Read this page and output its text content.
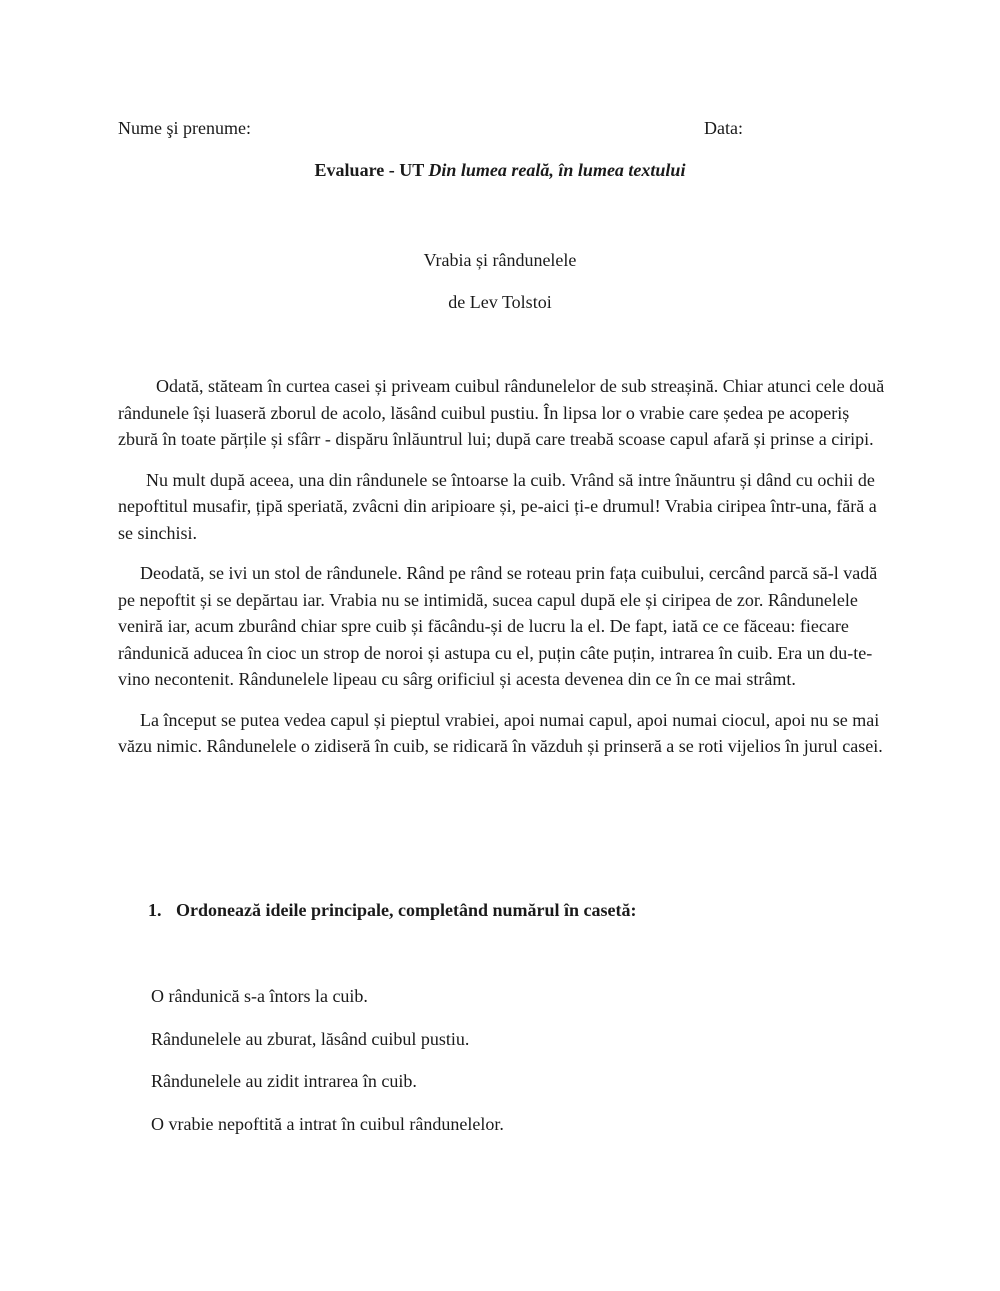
Nume şi prenume:	Data:
Evaluare - UT Din lumea reală, în lumea textului
Vrabia și rândunelele
de Lev Tolstoi

Odată, stăteam în curtea casei și priveam cuibul rândunelelor de sub streașină. Chiar atunci cele două rândunele își luaseră zborul de acolo, lăsând cuibul pustiu. În lipsa lor o vrabie care ședea pe acoperiș zbură în toate părțile și sfârr - dispăru înlăuntrul lui; după care treabă scoase capul afară și prinse a ciripi.

Nu mult după aceea, una din rândunele se întoarse la cuib. Vrând să intre înăuntru și dând cu ochii de nepoftitul musafir, țipă speriată, zvâcni din aripioare și, pe-aici ți-e drumul! Vrabia ciripea într-una, fără a se sinchisi.

Deodată, se ivi un stol de rândunele. Rând pe rând se roteau prin fața cuibului, cercând parcă să-l vadă pe nepoftit și se depărtau iar. Vrabia nu se intimidă, sucea capul după ele și ciripea de zor. Rândunelele veniră iar, acum zburând chiar spre cuib și făcându-și de lucru la el. De fapt, iată ce ce făceau: fiecare rândunică aducea în cioc un strop de noroi și astupa cu el, puțin câte puțin, intrarea în cuib. Era un du-te-vino necontenit. Rândunelele lipeau cu sârg orificiul și acesta devenea din ce în ce mai strâmt.

La început se putea vedea capul și pieptul vrabiei, apoi numai capul, apoi numai ciocul, apoi nu se mai văzu nimic. Rândunelele o zidiseră în cuib, se ridicară în văzduh și prinseră a se roti vijelios în jurul casei.

1. Ordonează ideile principale, completând numărul în casetă:
O rândunică s-a întors la cuib.
Rândunelele au zburat, lăsând cuibul pustiu.
Rândunelele au zidit intrarea în cuib.
O vrabie nepoftită a intrat în cuibul rândunelelor.
